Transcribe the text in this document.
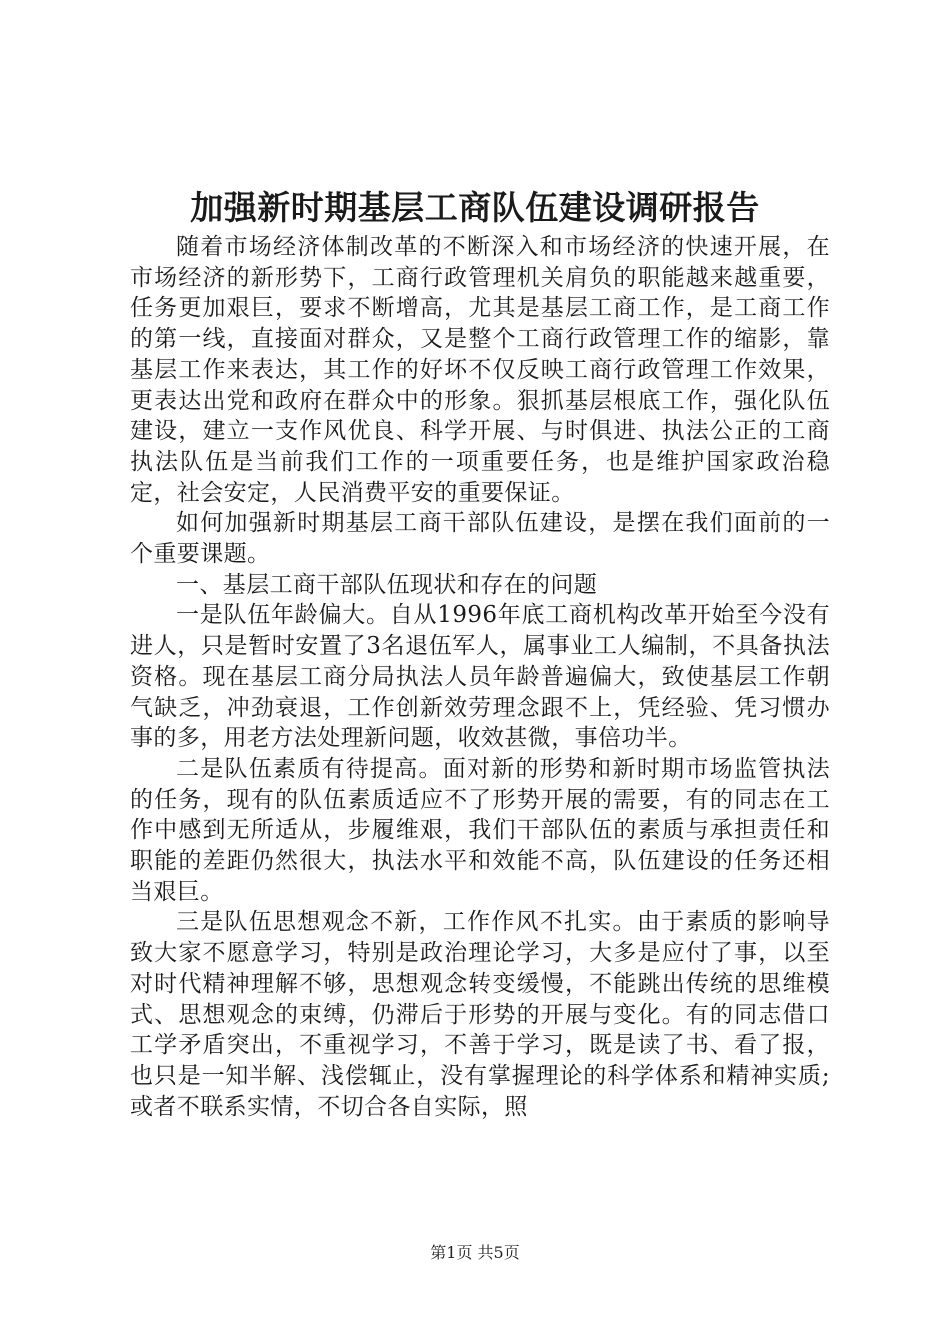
加强新时期基层工商队伍建设调研报告

随着市场经济体制改革的不断深入和市场经济的快速开展，在市场经济的新形势下，工商行政管理机关肩负的职能越来越重要，任务更加艰巨，要求不断增高，尤其是基层工商工作，是工商工作的第一线，直接面对群众，又是整个工商行政管理工作的缩影，靠基层工作来表达，其工作的好坏不仅反映工商行政管理工作效果，更表达出党和政府在群众中的形象。狠抓基层根底工作，强化队伍建设，建立一支作风优良、科学开展、与时俱进、执法公正的工商执法队伍是当前我们工作的一项重要任务，也是维护国家政治稳定，社会安定，人民消费平安的重要保证。

如何加强新时期基层工商干部队伍建设，是摆在我们面前的一个重要课题。

一、基层工商干部队伍现状和存在的问题

一是队伍年龄偏大。自从1996年底工商机构改革开始至今没有进人，只是暂时安置了3名退伍军人，属事业工人编制，不具备执法资格。现在基层工商分局执法人员年龄普遍偏大，致使基层工作朝气缺乏，冲劲衰退，工作创新效劳理念跟不上，凭经验、凭习惯办事的多，用老方法处理新问题，收效甚微，事倍功半。

二是队伍素质有待提高。面对新的形势和新时期市场监管执法的任务，现有的队伍素质适应不了形势开展的需要，有的同志在工作中感到无所适从，步履维艰，我们干部队伍的素质与承担责任和职能的差距仍然很大，执法水平和效能不高，队伍建设的任务还相当艰巨。

三是队伍思想观念不新，工作作风不扎实。由于素质的影响导致大家不愿意学习，特别是政治理论学习，大多是应付了事，以至对时代精神理解不够，思想观念转变缓慢，不能跳出传统的思维模式、思想观念的束缚，仍滞后于形势的开展与变化。有的同志借口工学矛盾突出，不重视学习，不善于学习，既是读了书、看了报，也只是一知半解、浅偿辄止，没有掌握理论的科学体系和精神实质;或者不联系实情，不切合各自实际，照

第1页 共5页
